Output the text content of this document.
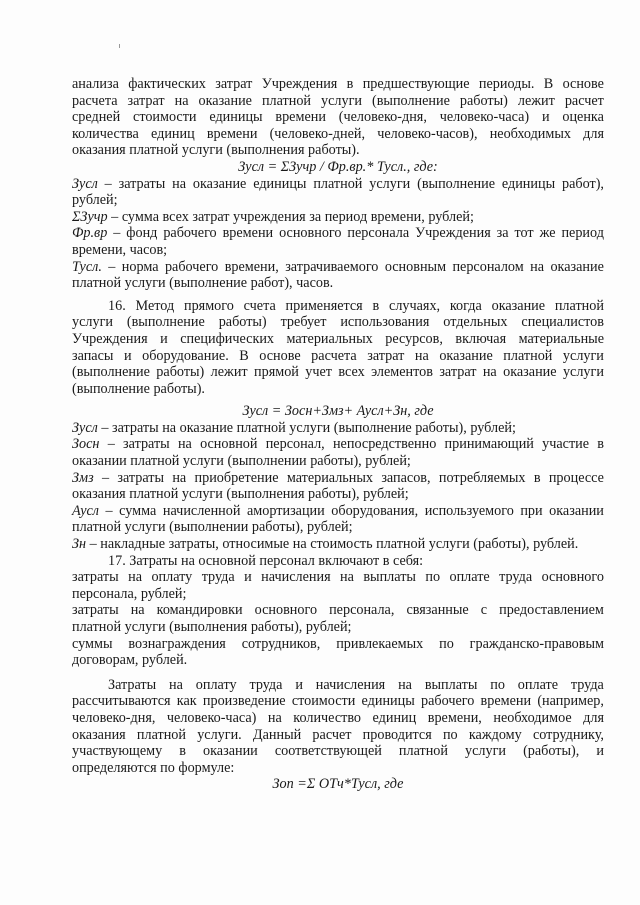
анализа фактических затрат Учреждения в предшествующие периоды. В основе
расчета затрат на оказание платной услуги (выполнение работы) лежит расчет
средней стоимости единицы времени (человеко-дня, человеко-часа) и оценка
количества единиц времени (человеко-дней, человеко-часов), необходимых для
оказания платной услуги (выполнения работы).
Зусл = ΣЗучр / Фр.вр.* Тусл., где:
Зусл – затраты на оказание единицы платной услуги (выполнение единицы работ),
рублей;
ΣЗучр – сумма всех затрат учреждения за период времени, рублей;
Фр.вр – фонд рабочего времени основного персонала Учреждения за тот же период
времени, часов;
Тусл. – норма рабочего времени, затрачиваемого основным персоналом на оказание
платной услуги (выполнение работ), часов.
16. Метод прямого счета применяется в случаях, когда оказание платной
услуги (выполнение работы) требует использования отдельных специалистов
Учреждения и специфических материальных ресурсов, включая материальные
запасы и оборудование. В основе расчета затрат на оказание платной услуги
(выполнение работы) лежит прямой учет всех элементов затрат на оказание услуги
(выполнение работы).
Зусл = Зосн+Змз+ Аусл+Зн, где
Зусл – затраты на оказание платной услуги (выполнение работы), рублей;
Зосн – затраты на основной персонал, непосредственно принимающий участие в
оказании платной услуги (выполнении работы), рублей;
Змз – затраты на приобретение материальных запасов, потребляемых в процессе
оказания платной услуги (выполнения работы), рублей;
Аусл – сумма начисленной амортизации оборудования, используемого при оказании
платной услуги (выполнении работы), рублей;
Зн – накладные затраты, относимые на стоимость платной услуги (работы), рублей.
17. Затраты на основной персонал включают в себя:
затраты на оплату труда и начисления на выплаты по оплате труда основного
персонала, рублей;
затраты на командировки основного персонала, связанные с предоставлением
платной услуги (выполнения работы), рублей;
суммы вознаграждения сотрудников, привлекаемых по гражданско-правовым
договорам, рублей.
Затраты на оплату труда и начисления на выплаты по оплате труда
рассчитываются как произведение стоимости единицы рабочего времени (например,
человеко-дня, человеко-часа) на количество единиц времени, необходимое для
оказания платной услуги. Данный расчет проводится по каждому сотруднику,
участвующему в оказании соответствующей платной услуги (работы), и
определяются по формуле:
Зоп =Σ ОТч*Тусл, где
